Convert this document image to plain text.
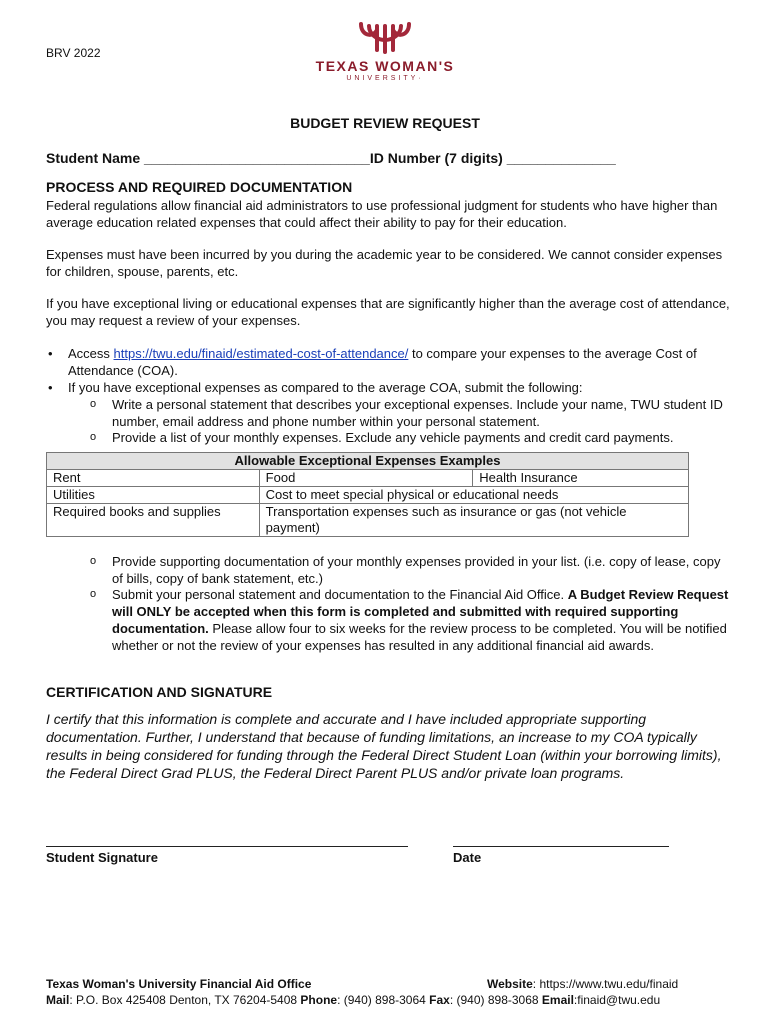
BRV 2022
TEXAS WOMAN'S
UNIVERSITY·
BUDGET REVIEW REQUEST
Student Name _____________________________ID Number (7 digits) ______________
PROCESS AND REQUIRED DOCUMENTATION
Federal regulations allow financial aid administrators to use professional judgment for students who have higher than average education related expenses that could affect their ability to pay for their education.
Expenses must have been incurred by you during the academic year to be considered. We cannot consider expenses for children, spouse, parents, etc.
If you have exceptional living or educational expenses that are significantly higher than the average cost of attendance, you may request a review of your expenses.
• Access https://twu.edu/finaid/estimated-cost-of-attendance/ to compare your expenses to the average Cost of Attendance (COA).
• If you have exceptional expenses as compared to the average COA, submit the following:
o Write a personal statement that describes your exceptional expenses. Include your name, TWU student ID number, email address and phone number within your personal statement.
o Provide a list of your monthly expenses. Exclude any vehicle payments and credit card payments.
Allowable Exceptional Expenses Examples		
Rent	Food	Health Insurance
Utilities	Cost to meet special physical or educational needs	
Required books and supplies	Transportation expenses such as insurance or gas (not vehicle payment)	
o Provide supporting documentation of your monthly expenses provided in your list. (i.e. copy of lease, copy of bills, copy of bank statement, etc.)
o Submit your personal statement and documentation to the Financial Aid Office. A Budget Review Request will ONLY be accepted when this form is completed and submitted with required supporting documentation. Please allow four to six weeks for the review process to be completed. You will be notified whether or not the review of your expenses has resulted in any additional financial aid awards.
CERTIFICATION AND SIGNATURE
I certify that this information is complete and accurate and I have included appropriate supporting documentation. Further, I understand that because of funding limitations, an increase to my COA typically results in being considered for funding through the Federal Direct Student Loan (within your borrowing limits), the Federal Direct Grad PLUS, the Federal Direct Parent PLUS and/or private loan programs.
Student Signature	Date
Texas Woman's University Financial Aid Office	Website: https://www.twu.edu/finaid
Mail: P.O. Box 425408 Denton, TX 76204-5408 Phone: (940) 898-3064 Fax: (940) 898-3068 Email:finaid@twu.edu
